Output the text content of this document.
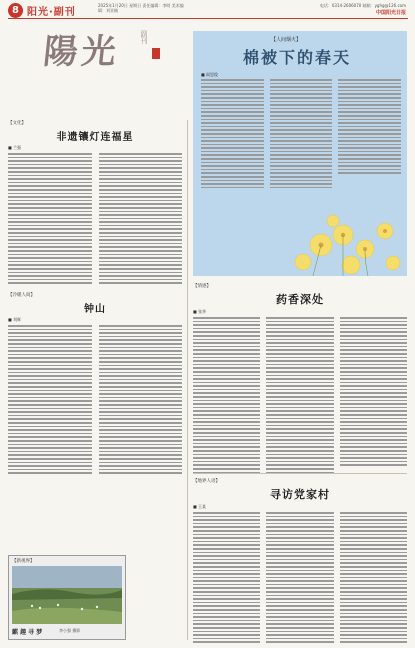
8 阳光·副刊
2025年1月20日 星期日 责任编辑：李明 美术编辑：刘亚楠
电话：0314-2606070 邮箱：yghg@126.com
中国阳光日报
陽光	副刊	【人间烟火】
棉被下的春天
■ 阎恩俊
【文化】
非遗镶灯连福星
■ 兰强
【冷暖人间】
钟山
■ 刘辉
【新视界】
麒 趣 寻 梦	李小强 摄影
【情感】
药香深处
■ 张华
【地界人语】
寻访党家村
■ 王某
